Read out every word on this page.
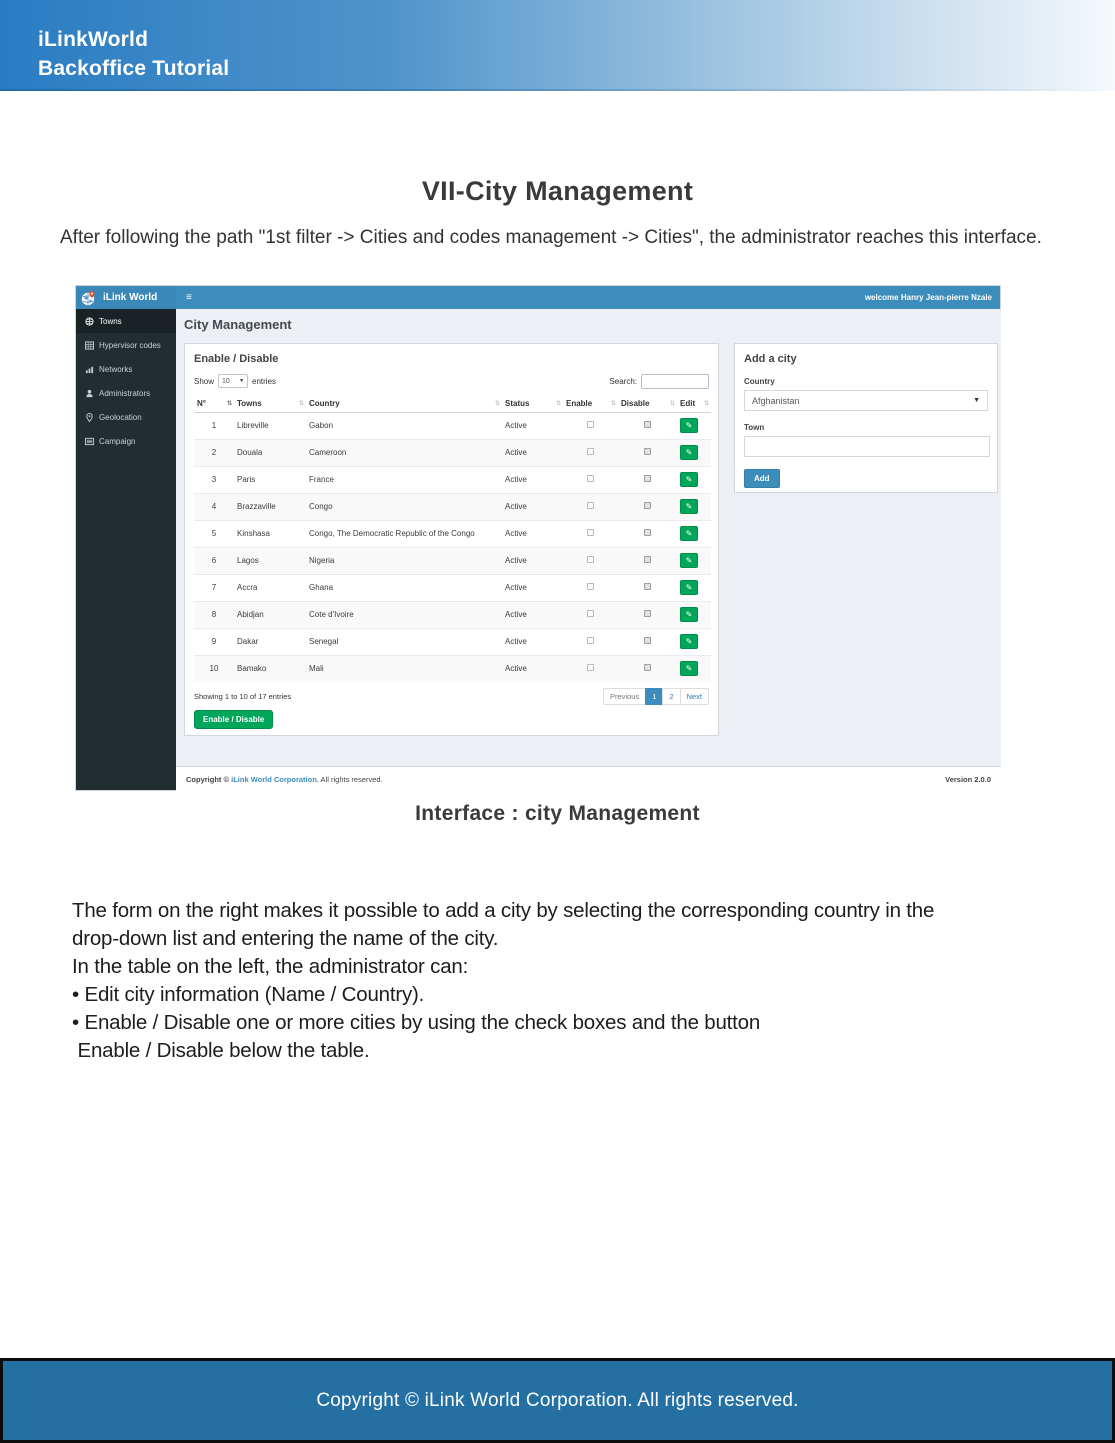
iLinkWorld
Backoffice Tutorial
VII-City Management
After following the path "1st filter -> Cities and codes management -> Cities", the administrator reaches this interface.
iLink World	≡	welcome Hanry Jean-pierre Nzale
Towns
Hypervisor codes
Networks
Administrators
Geolocation
Campaign
City Management
Enable / Disable
Show 10 ▼ entries	Search:
N° ⇅	Towns ⇅	Country ⇅	Status ⇅	Enable ⇅	Disable ⇅	Edit ⇅

1	Libreville	Gabon	Active			✎
2	Douala	Cameroon	Active			✎
3	Paris	France	Active			✎
4	Brazzaville	Congo	Active			✎
5	Kinshasa	Congo, The Democratic Republic of the Congo	Active			✎
6	Lagos	Nigeria	Active			✎
7	Accra	Ghana	Active			✎
8	Abidjan	Cote d'Ivoire	Active			✎
9	Dakar	Senegal	Active			✎
10	Bamako	Mali	Active			✎
Showing 1 to 10 of 17 entries	Previous	1	2	Next
Enable / Disable
Add a city
Country
Afghanistan	▼
Town
Add
Copyright © iLink World Corporation. All rights reserved.	Version 2.0.0
Interface : city Management
The form on the right makes it possible to add a city by selecting the corresponding country in the
drop-down list and entering the name of the city.
In the table on the left, the administrator can:
• Edit city information (Name / Country).
• Enable / Disable one or more cities by using the check boxes and the button
Enable / Disable below the table.
Copyright © iLink World Corporation. All rights reserved.
